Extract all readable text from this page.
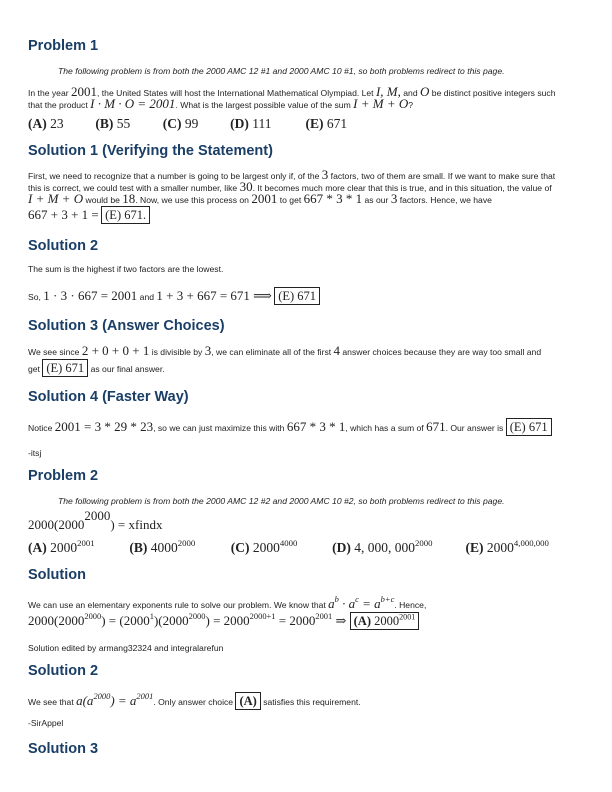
Problem 1
The following problem is from both the 2000 AMC 12 #1 and 2000 AMC 10 #1, so both problems redirect to this page.
In the year 2001, the United States will host the International Mathematical Olympiad. Let I, M, and O be distinct positive integers such
that the product I · M · O = 2001. What is the largest possible value of the sum I + M + O?
(A) 23 (B) 55 (C) 99 (D) 111	(E) 671
Solution 1 (Verifying the Statement)
First, we need to recognize that a number is going to be largest only if, of the 3 factors, two of them are small. If we want to make sure that
this is correct, we could test with a smaller number, like 30. It becomes much more clear that this is true, and in this situation, the value of
I + M + O would be 18. Now, we use this process on 2001 to get 667 * 3 * 1 as our 3 factors. Hence, we have
667 + 3 + 1 = (E) 671.
Solution 2
The sum is the highest if two factors are the lowest.
So, 1 · 3 · 667 = 2001 and 1 + 3 + 667 = 671 ⟹ (E) 671
Solution 3 (Answer Choices)
We see since 2 + 0 + 0 + 1 is divisible by 3, we can eliminate all of the first 4 answer choices because they are way too small and
get (E) 671 as our final answer.
Solution 4 (Faster Way)
Notice 2001 = 3 * 29 * 23, so we can just maximize this with 667 * 3 * 1, which has a sum of 671. Our answer is (E) 671
-itsj
Problem 2
The following problem is from both the 2000 AMC 12 #2 and 2000 AMC 10 #2, so both problems redirect to this page.
$2000(2000^{2000})$ = xfindx
(A) $2000^{2001}$	(B) $4000^{2000}$	(C) $2000^{4000}$	(D) 4, 000, $000^{2000}$ (E) 2000$^{4,000,000}$
Solution
We can use an elementary exponents rule to solve our problem. We know that $a^b \cdot a^c = a^{b+c}$. Hence,
$2000(2000^{2000}) = (2000^1)(2000^{2000}) = 2000^{2000+1} = 2000^{2001}$ ⇒ (A) $2000^{2001}$
Solution edited by armang32324 and integralarefun
Solution 2
We see that $a(a^{2000}) = a^{2001}$. Only answer choice (A) satisfies this requirement.
-SirAppel
Solution 3
